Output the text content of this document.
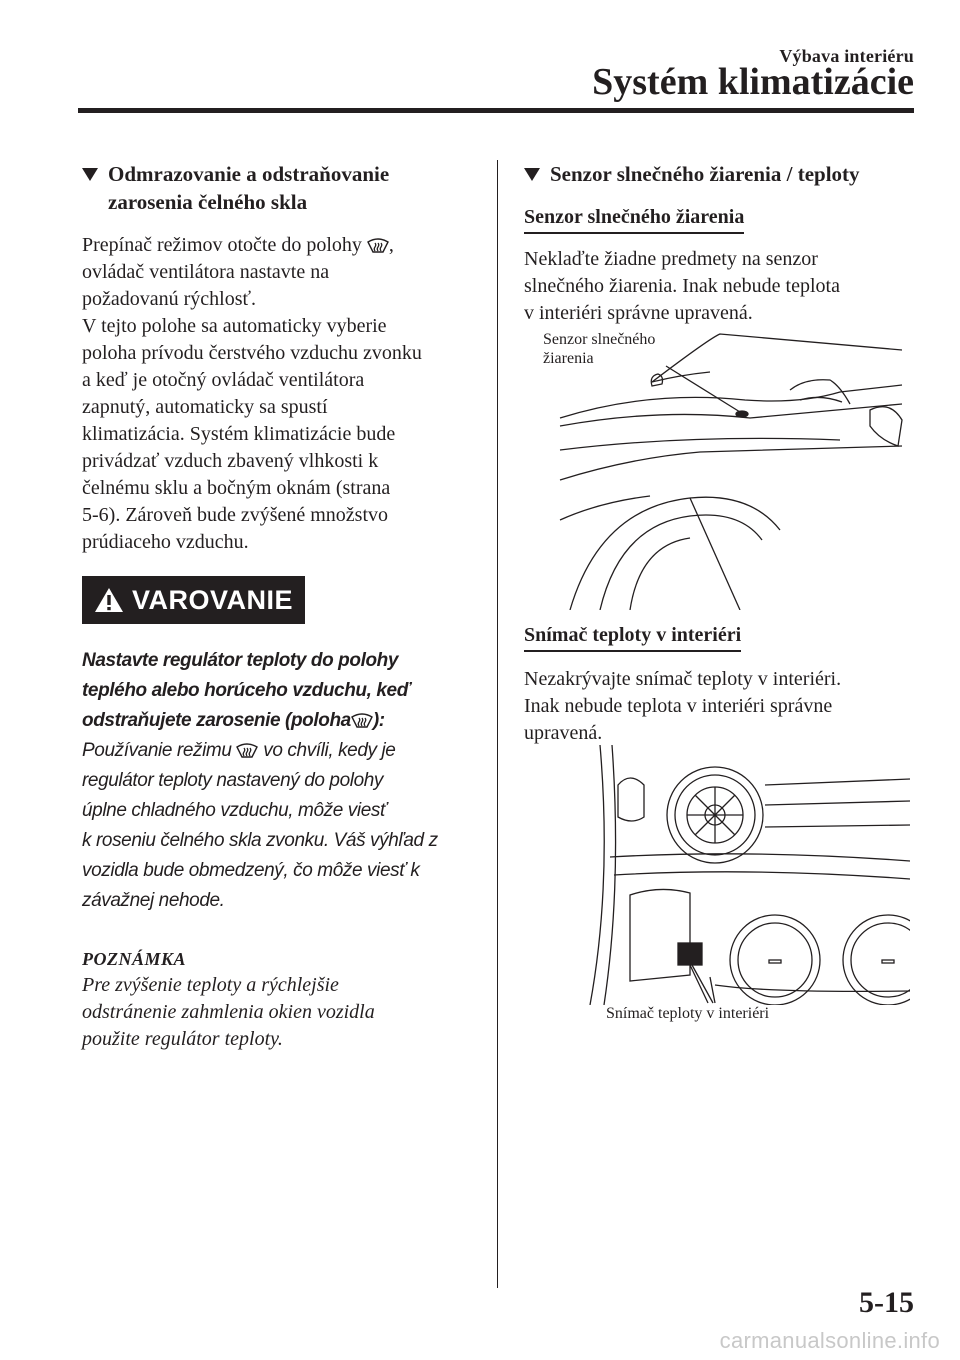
Výbava interiéru
Systém klimatizácie
Odmrazovanie a odstraňovanie
zarosenia čelného skla

Prepínač režimov otočte do polohy ,
ovládač ventilátora nastavte na
požadovanú rýchlosť.
V tejto polohe sa automaticky vyberie
poloha prívodu čerstvého vzduchu zvonku
a keď je otočný ovládač ventilátora
zapnutý, automaticky sa spustí
klimatizácia. Systém klimatizácie bude
privádzať vzduch zbavený vlhkosti k
čelnému sklu a bočným oknám (strana
5-6). Zároveň bude zvýšené množstvo
prúdiaceho vzduchu.

VAROVANIE

Nastavte regulátor teploty do polohy
teplého alebo horúceho vzduchu, keď
odstraňujete zarosenie (poloha ):
Používanie režimu vo chvíli, kedy je
regulátor teploty nastavený do polohy
úplne chladného vzduchu, môže viesť
k roseniu čelného skla zvonku. Váš výhľad z
vozidla bude obmedzený, čo môže viesť k
závažnej nehode.

POZNÁMKA

Pre zvýšenie teploty a rýchlejšie
odstránenie zahmlenia okien vozidla
použite regulátor teploty.

Senzor slnečného žiarenia / teploty
Senzor slnečného žiarenia

Neklaďte žiadne predmety na senzor
slnečného žiarenia. Inak nebude teplota
v interiéri správne upravená.

Senzor slnečného
žiarenia
Snímač teploty v interiéri

Nezakrývajte snímač teploty v interiéri.
Inak nebude teplota v interiéri správne
upravená.

Snímač teploty v interiéri
5-15
carmanualsonline.info
